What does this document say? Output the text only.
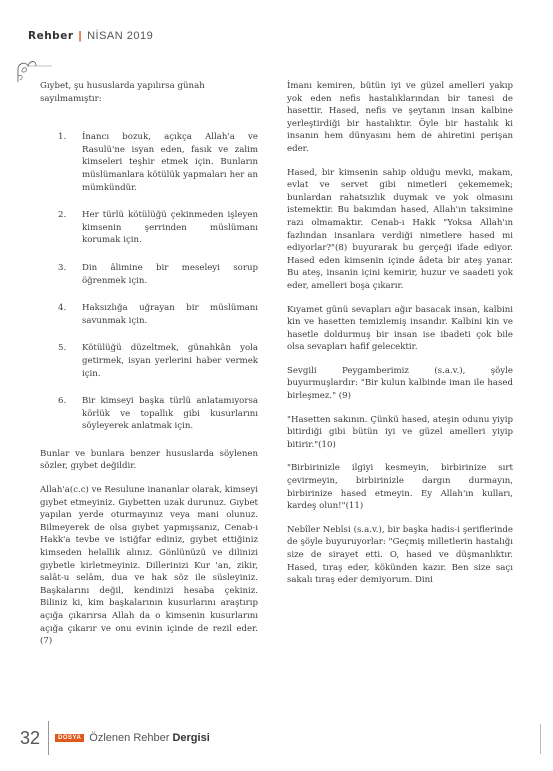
Rehber | NİSAN 2019

Gıybet, şu hususlarda yapılırsa günah sayılmamıştır:

1. İnancı bozuk, açıkça Allah'a ve Rasulü'ne isyan eden, fasık ve zalim kimseleri teşhir etmek için. Bunların müslümanlara kötülük yapmaları her an mümkündür.
2. Her türlü kötülüğü çekinmeden işleyen kimsenin şerrinden müslümanı korumak için.
3. Din âlimine bir meseleyi sorup öğrenmek için.
4. Haksızlığa uğrayan bir müslümanı savunmak için.
5. Kötülüğü düzeltmek, günahkân yola getirmek, isyan yerlerini haber vermek için.
6. Bir kimseyi başka türlü anlatamıyorsa körlük ve topallık gibi kusurlarını söyleyerek anlatmak için.

Bunlar ve bunlara benzer hususlarda söylenen sözler, gıybet değildir.

Allah'a(c.c) ve Resulune inananlar olarak, kimseyi gıybet etmeyiniz. Gıybetten uzak durunuz. Gıybet yapılan yerde oturmayınız veya mani olunuz. Bilmeyerek de olsa gıybet yapmışsanız, Cenab-ı Hakk'a tevbe ve istiğfar ediniz, gıybet ettiğiniz kimseden helallik alınız. Gönlünüzü ve dilinizi gıybetle kirletmeyiniz. Dillerinizi Kur 'an, zikir, salât-u selâm, dua ve hak söz ile süsleyiniz. Başkalarını değil, kendinizi hesaba çekiniz. Biliniz ki, kim başkalarının kusurlarını araştırıp açığa çıkarırsa Allah da o kimsenin kusurlarını açığa çıkarır ve onu evinin içinde de rezil eder. (7)

İmanı kemiren, bütün iyi ve güzel amelleri yakıp yok eden nefis hastalıklarından bir tanesi de hasettir. Hased, nefis ve şeytanın insan kalbine yerleştirdiği bir hastalıktır. Öyle bir hastalık ki insanın hem dünyasını hem de ahiretini perişan eder.

Hased, bir kimsenin sahip olduğu mevki, makam, evlat ve servet gibi nimetleri çekememek; bunlardan rahatsızlık duymak ve yok olmasını istemektir. Bu bakımdan hased, Allah'ın taksimine razı olmamaktır. Cenab-ı Hakk "Yoksa Allah'ın fazlından insanlara verdiği nimetlere hased mi ediyorlar?"(8) buyurarak bu gerçeği ifade ediyor. Hased eden kimsenin içinde âdeta bir ateş yanar. Bu ateş, insanin içini kemirir, huzur ve saadeti yok eder, amelleri boşa çıkarır.

Kıyamet günü sevapları ağır basacak insan, kalbini kin ve hasetten temizlemiş insandır. Kalbini kin ve hasetle doldurmuş bir insan ise ibadeti çok bile olsa sevapları hafif gelecektir.

Sevgili Peygamberimiz (s.a.v.), şöyle buyurmuşlardır: "Bir kulun kalbinde iman ile hased birleşmez." (9)

"Hasetten sakının. Çünkü hased, ateşin odunu yiyip bitirdiği gibi bütün iyi ve güzel amelleri yiyip bitirir."(10)

"Birbirinizle ilgiyi kesmeyin, birbirinize sırt çevirmeyin, birbirinizle dargın durmayın, birbirinize hased etmeyin. Ey Allah'ın kulları, kardeş olun!"(11)

Nebîler Nebîsi (s.a.v.), bir başka hadis-i şeriflerinde de şöyle buyuruyorlar: "Geçmiş milletlerin hastalığı size de sirayet etti. O, hased ve düşmanlıktır. Hased, tıraş eder, kökünden kazır. Ben size saçı sakalı tıraş eder demiyorum. Dini

32	DOSYA Özlenen Rehber Dergisi
